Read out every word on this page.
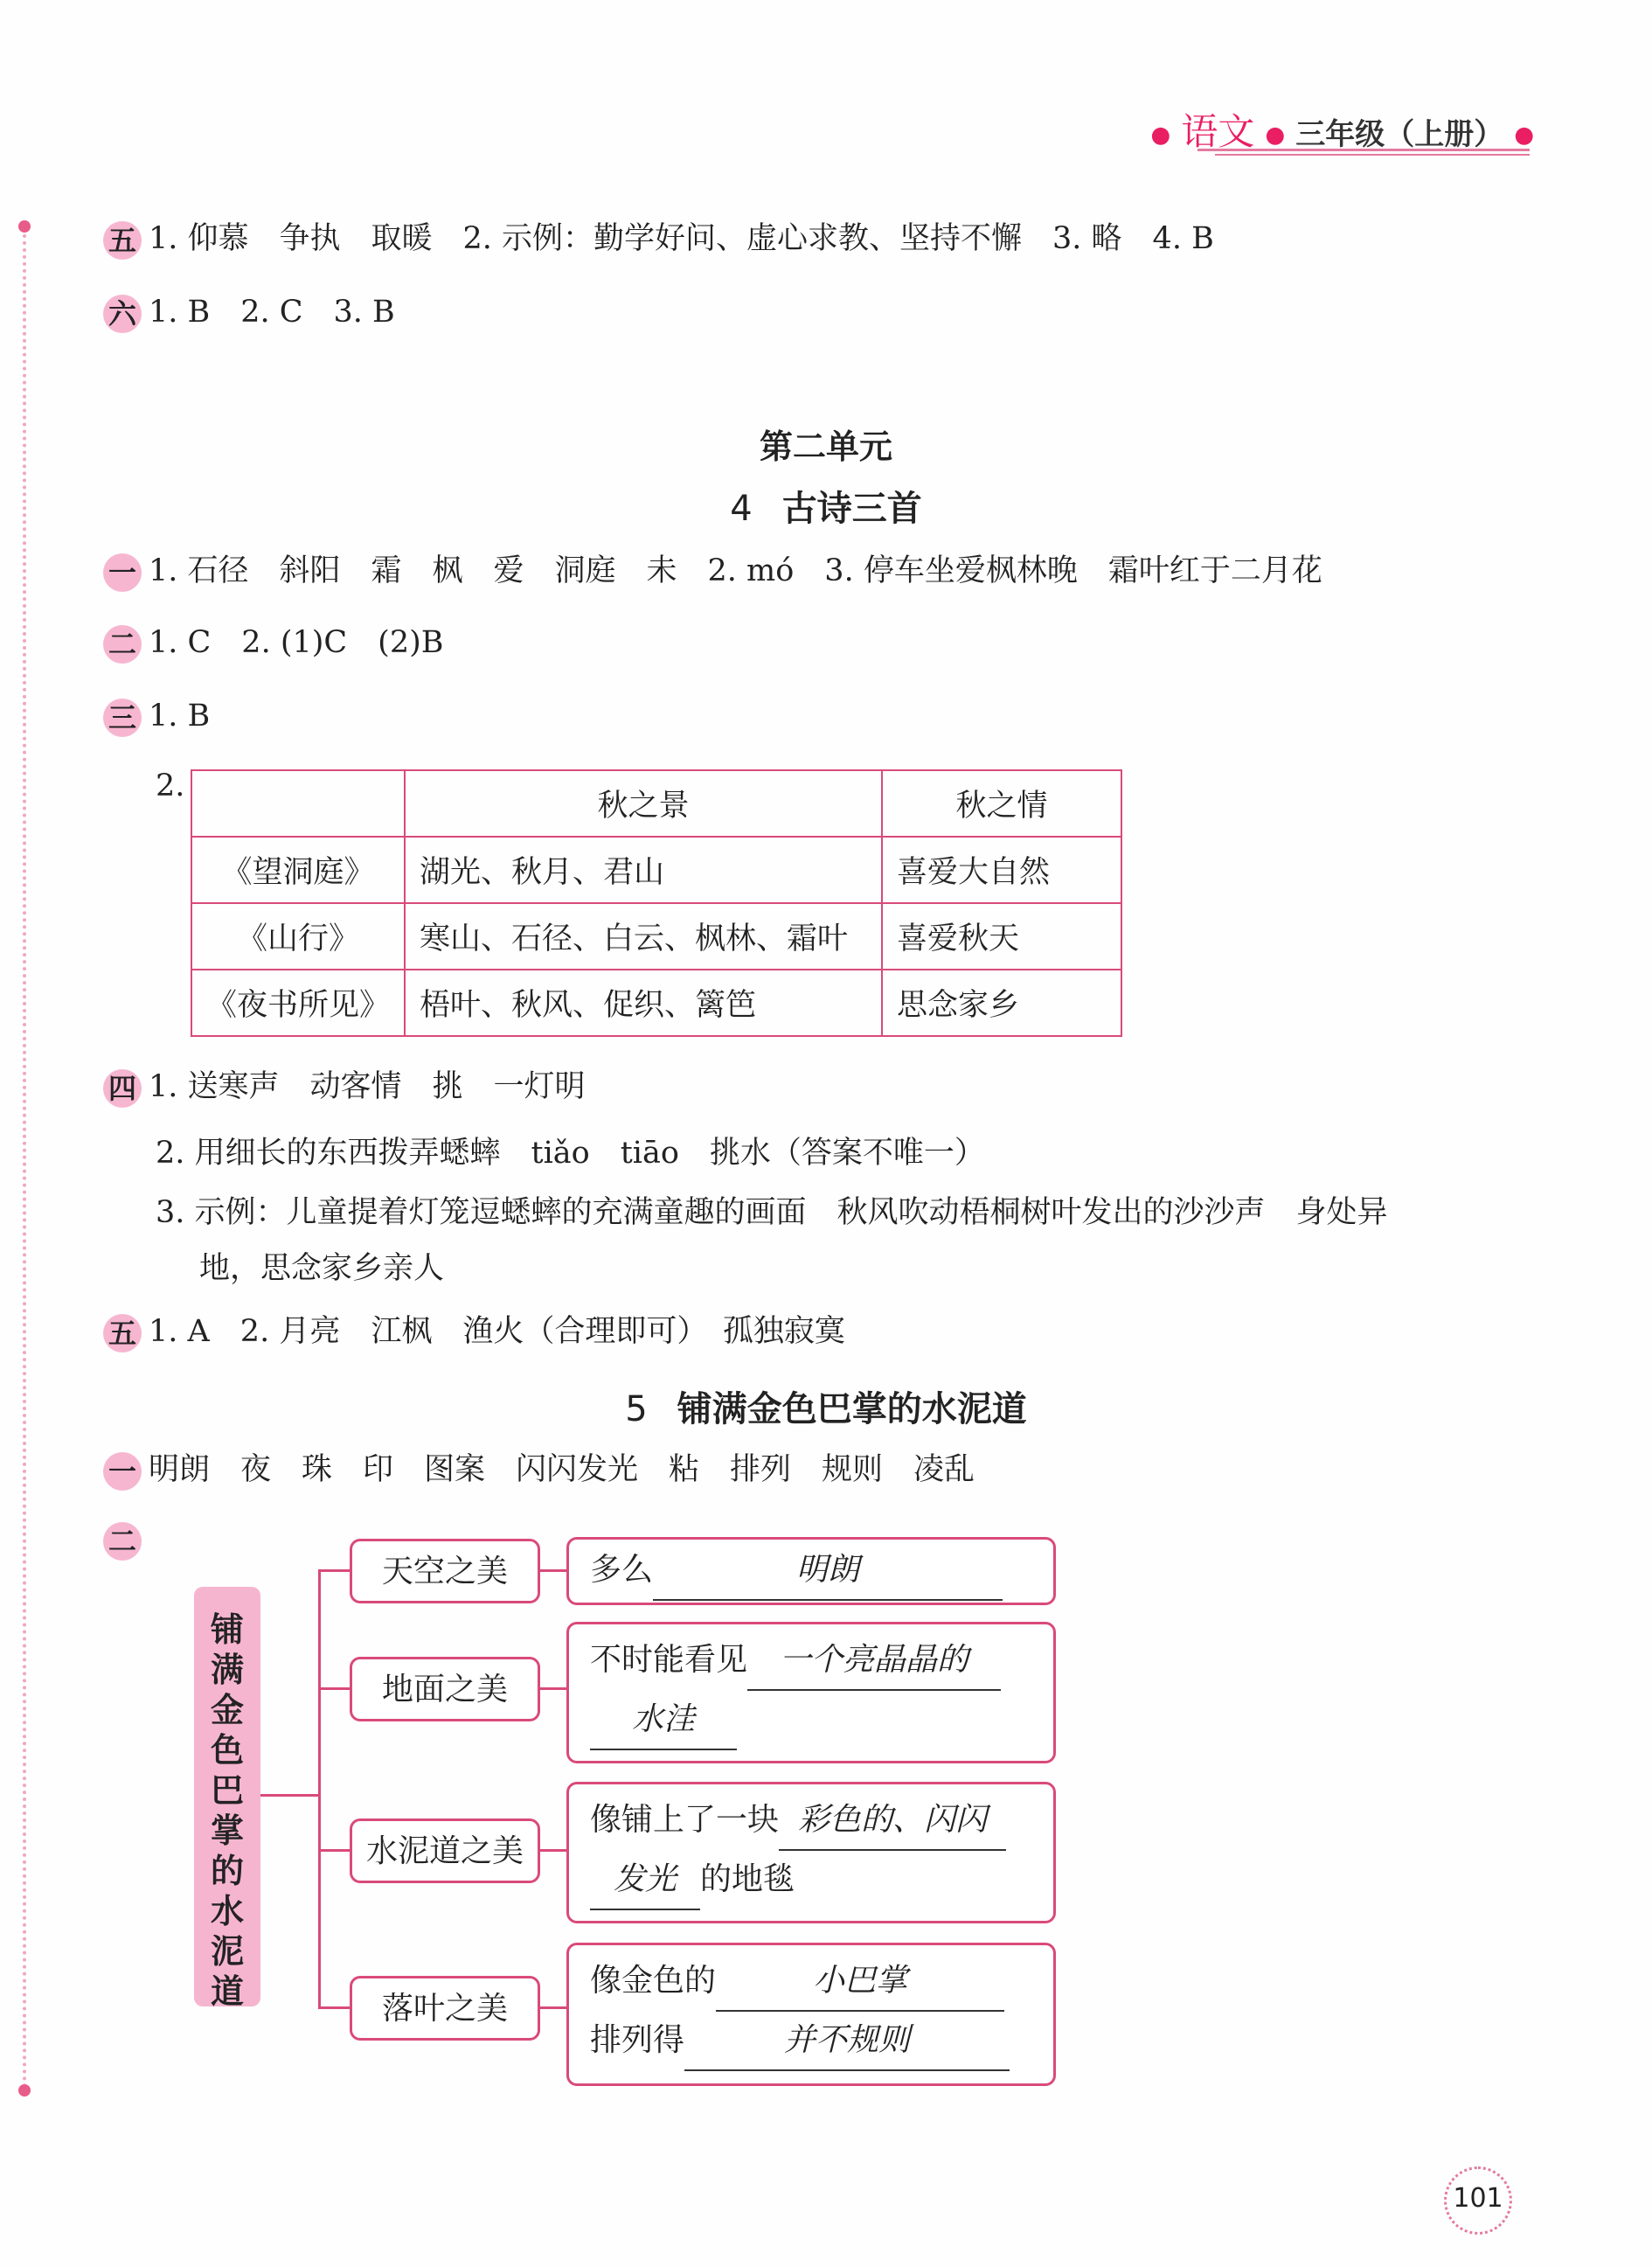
● 语文 ● 三年级（上册） ●
五 1. 仰慕　争执　取暖　2. 示例：勤学好问、虚心求教、坚持不懈　3. 略　4. B
六 1. B　2. C　3. B
第二单元
4 古诗三首
一 1. 石径　斜阳　霜　枫　爱　洞庭　未　2. mó　3. 停车坐爱枫林晚　霜叶红于二月花
二 1. C　2. (1)C　(2)B
三 1. B
2.
	秋之景	秋之情
《望洞庭》	湖光、秋月、君山	喜爱大自然
《山行》	寒山、石径、白云、枫林、霜叶	喜爱秋天
《夜书所见》	梧叶、秋风、促织、篱笆	思念家乡
四 1. 送寒声　动客情　挑　一灯明
2. 用细长的东西拨弄蟋蟀　tiǎo　tiāo　挑水（答案不唯一）
3. 示例：儿童提着灯笼逗蟋蟀的充满童趣的画面　秋风吹动梧桐树叶发出的沙沙声　身处异
地，思念家乡亲人
五 1. A　2. 月亮　江枫　渔火（合理即可）　孤独寂寞
5 铺满金色巴掌的水泥道
一 明朗　夜　珠　印　图案　闪闪发光　粘　排列　规则　凌乱
二
铺满金色巴掌的水泥道
天空之美
地面之美
水泥道之美
落叶之美
多么	明朗
不时能看见 一个亮晶晶的
水洼
像铺上了一块 彩色的、闪闪
发光 的地毯
像金色的	小巴掌
排列得	并不规则
101
